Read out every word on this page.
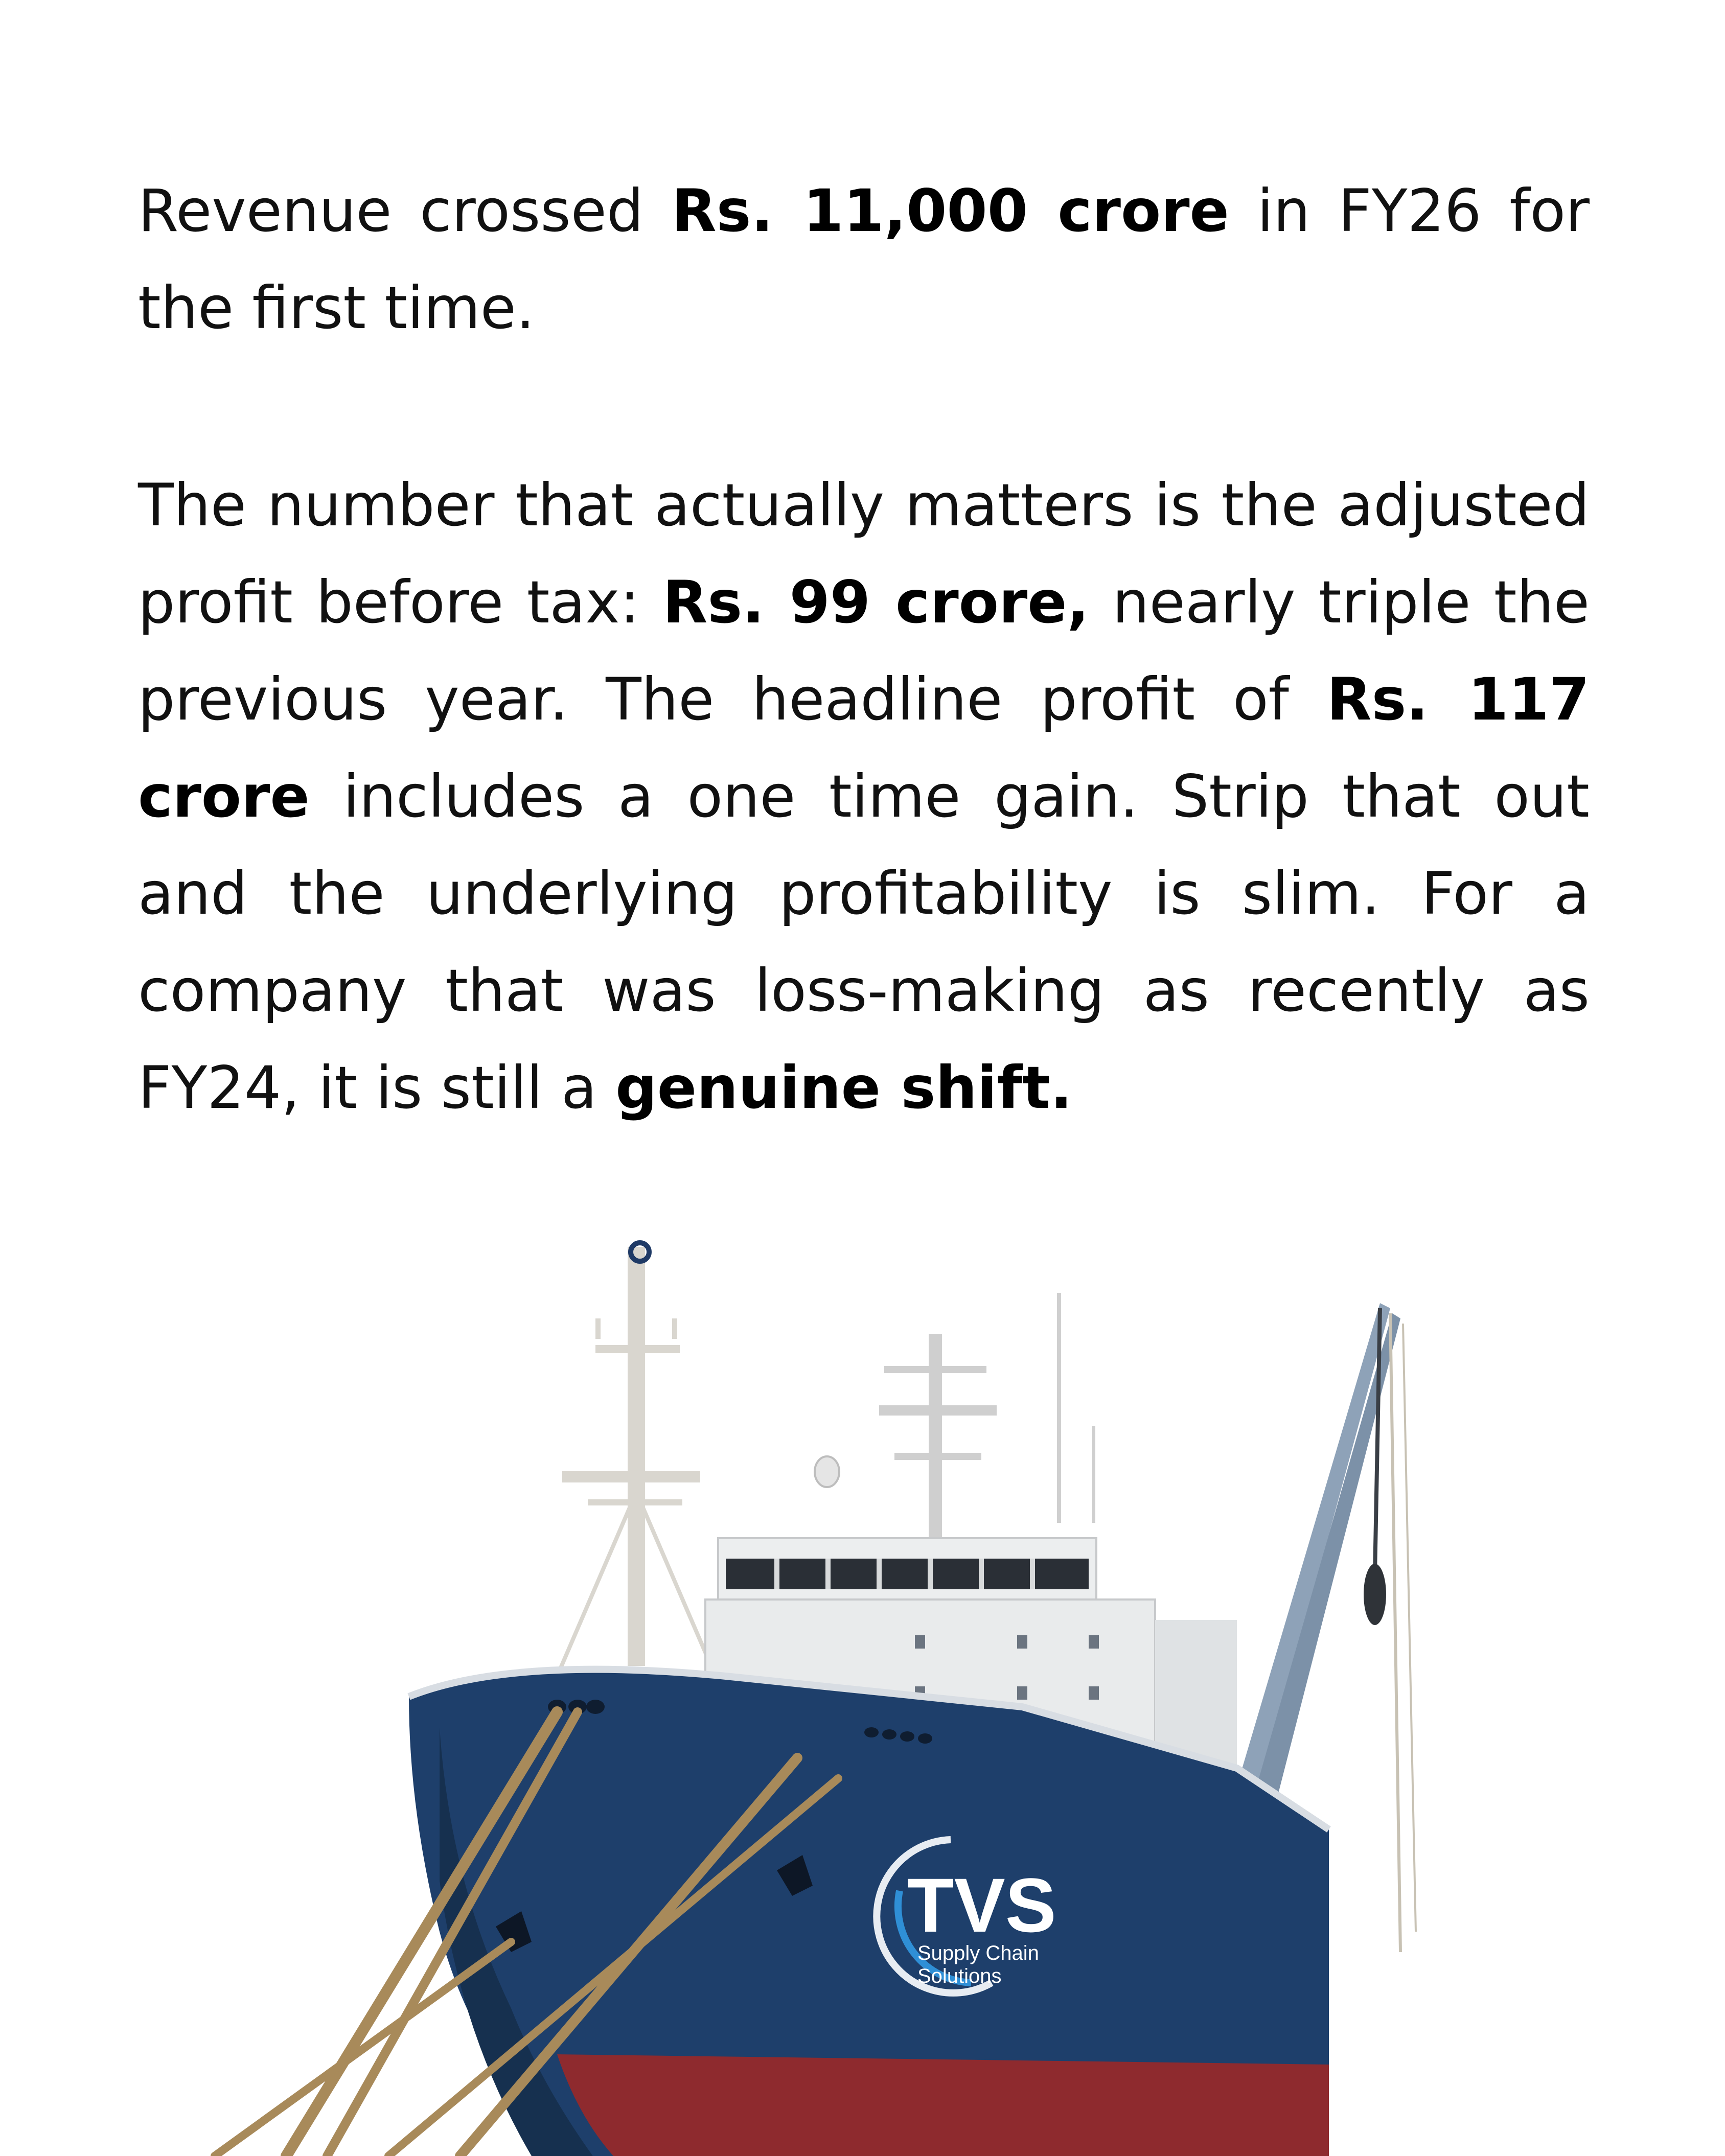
Revenue crossed Rs. 11,000 crore in FY26 for the first time.

The number that actually matters is the adjusted profit before tax: Rs. 99 crore, nearly triple the previous year. The headline profit of Rs. 117 crore includes a one time gain. Strip that out and the underlying profitability is slim. For a company that was loss-making as recently as FY24, it is still a genuine shift.

TVS
Supply Chain
Solutions
